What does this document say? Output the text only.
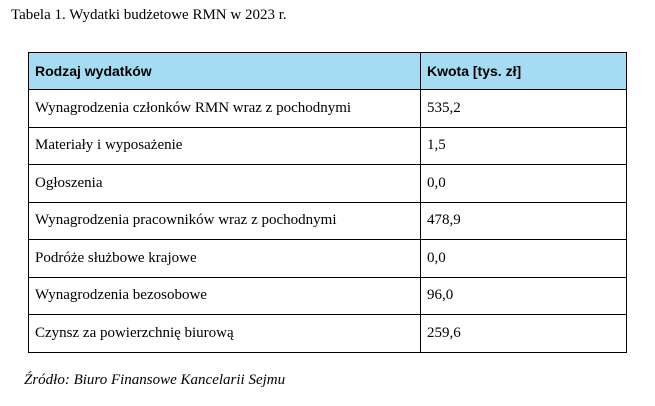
Tabela 1. Wydatki budżetowe RMN w 2023 r.
Rodzaj wydatków	Kwota [tys. zł]
Wynagrodzenia członków RMN wraz z pochodnymi	535,2
Materiały i wyposażenie	1,5
Ogłoszenia	0,0
Wynagrodzenia pracowników wraz z pochodnymi	478,9
Podróże służbowe krajowe	0,0
Wynagrodzenia bezosobowe	96,0
Czynsz za powierzchnię biurową	259,6
Źródło: Biuro Finansowe Kancelarii Sejmu
